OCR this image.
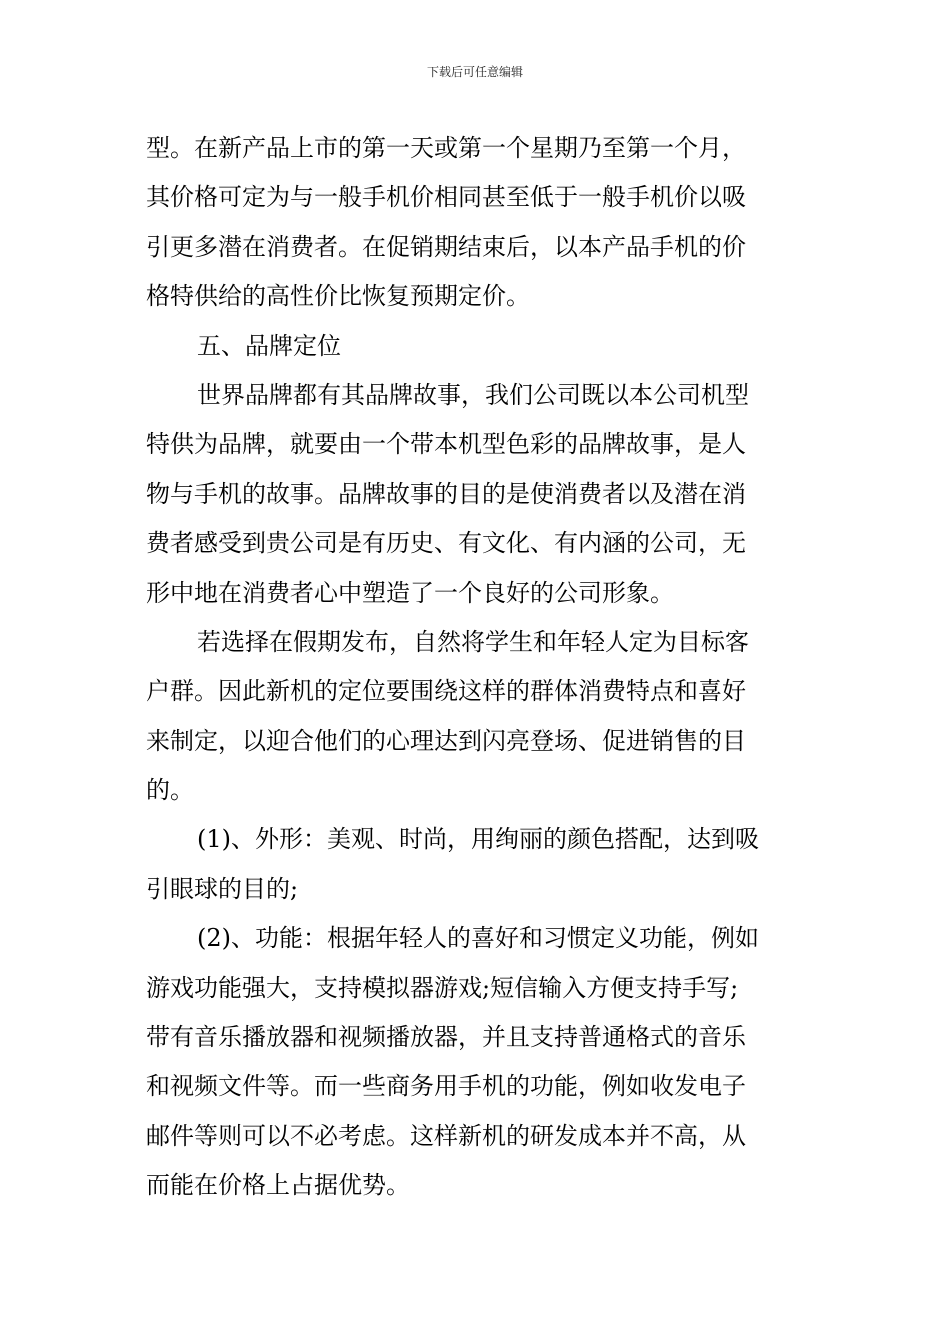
下载后可任意编辑
型。在新产品上市的第一天或第一个星期乃至第一个月，
其价格可定为与一般手机价相同甚至低于一般手机价以吸
引更多潜在消费者。在促销期结束后，以本产品手机的价
格特供给的高性价比恢复预期定价。
五、品牌定位
世界品牌都有其品牌故事，我们公司既以本公司机型
特供为品牌，就要由一个带本机型色彩的品牌故事，是人
物与手机的故事。品牌故事的目的是使消费者以及潜在消
费者感受到贵公司是有历史、有文化、有内涵的公司，无
形中地在消费者心中塑造了一个良好的公司形象。
若选择在假期发布，自然将学生和年轻人定为目标客
户群。因此新机的定位要围绕这样的群体消费特点和喜好
来制定，以迎合他们的心理达到闪亮登场、促进销售的目
的。
(1)、外形：美观、时尚，用绚丽的颜色搭配，达到吸
引眼球的目的;
(2)、功能：根据年轻人的喜好和习惯定义功能，例如
游戏功能强大，支持模拟器游戏;短信输入方便支持手写;
带有音乐播放器和视频播放器，并且支持普通格式的音乐
和视频文件等。而一些商务用手机的功能，例如收发电子
邮件等则可以不必考虑。这样新机的研发成本并不高，从
而能在价格上占据优势。
